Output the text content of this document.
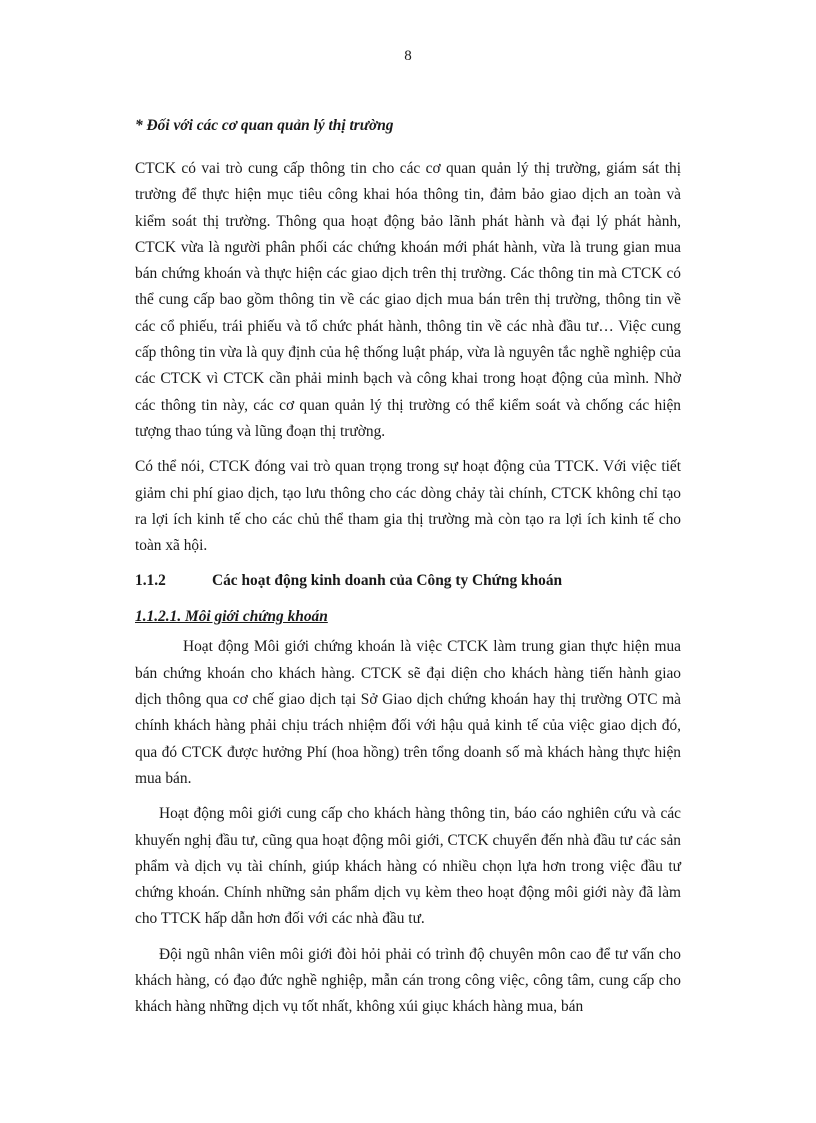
8
* Đối với các cơ quan quản lý thị trường

CTCK có vai trò cung cấp thông tin cho các cơ quan quản lý thị trường, giám sát thị trường để thực hiện mục tiêu công khai hóa thông tin, đảm bảo giao dịch an toàn và kiểm soát thị trường. Thông qua hoạt động bảo lãnh phát hành và đại lý phát hành, CTCK vừa là người phân phối các chứng khoán mới phát hành, vừa là trung gian mua bán chứng khoán và thực hiện các giao dịch trên thị trường. Các thông tin mà CTCK có thể cung cấp bao gồm thông tin về các giao dịch mua bán trên thị trường, thông tin về các cổ phiếu, trái phiếu và tổ chức phát hành, thông tin về các nhà đầu tư… Việc cung cấp thông tin vừa là quy định của hệ thống luật pháp, vừa là nguyên tắc nghề nghiệp của các CTCK vì CTCK cần phải minh bạch và công khai trong hoạt động của mình. Nhờ các thông tin này, các cơ quan quản lý thị trường có thể kiểm soát và chống các hiện tượng thao túng và lũng đoạn thị trường.

Có thể nói, CTCK đóng vai trò quan trọng trong sự hoạt động của TTCK. Với việc tiết giảm chi phí giao dịch, tạo lưu thông cho các dòng chảy tài chính, CTCK không chỉ tạo ra lợi ích kinh tế cho các chủ thể tham gia thị trường mà còn tạo ra lợi ích kinh tế cho toàn xã hội.

1.1.2	Các hoạt động kinh doanh của Công ty Chứng khoán
1.1.2.1. Môi giới chứng khoán

Hoạt động Môi giới chứng khoán là việc CTCK làm trung gian thực hiện mua bán chứng khoán cho khách hàng. CTCK sẽ đại diện cho khách hàng tiến hành giao dịch thông qua cơ chế giao dịch tại Sở Giao dịch chứng khoán hay thị trường OTC mà chính khách hàng phải chịu trách nhiệm đối với hậu quả kinh tế của việc giao dịch đó, qua đó CTCK được hưởng Phí (hoa hồng) trên tổng doanh số mà khách hàng thực hiện mua bán.

Hoạt động môi giới cung cấp cho khách hàng thông tin, báo cáo nghiên cứu và các khuyến nghị đầu tư, cũng qua hoạt động môi giới, CTCK chuyển đến nhà đầu tư các sản phẩm và dịch vụ tài chính, giúp khách hàng có nhiều chọn lựa hơn trong việc đầu tư chứng khoán. Chính những sản phẩm dịch vụ kèm theo hoạt động môi giới này đã làm cho TTCK hấp dẫn hơn đối với các nhà đầu tư.

Đội ngũ nhân viên môi giới đòi hỏi phải có trình độ chuyên môn cao để tư vấn cho khách hàng, có đạo đức nghề nghiệp, mẫn cán trong công việc, công tâm, cung cấp cho khách hàng những dịch vụ tốt nhất, không xúi giục khách hàng mua, bán
